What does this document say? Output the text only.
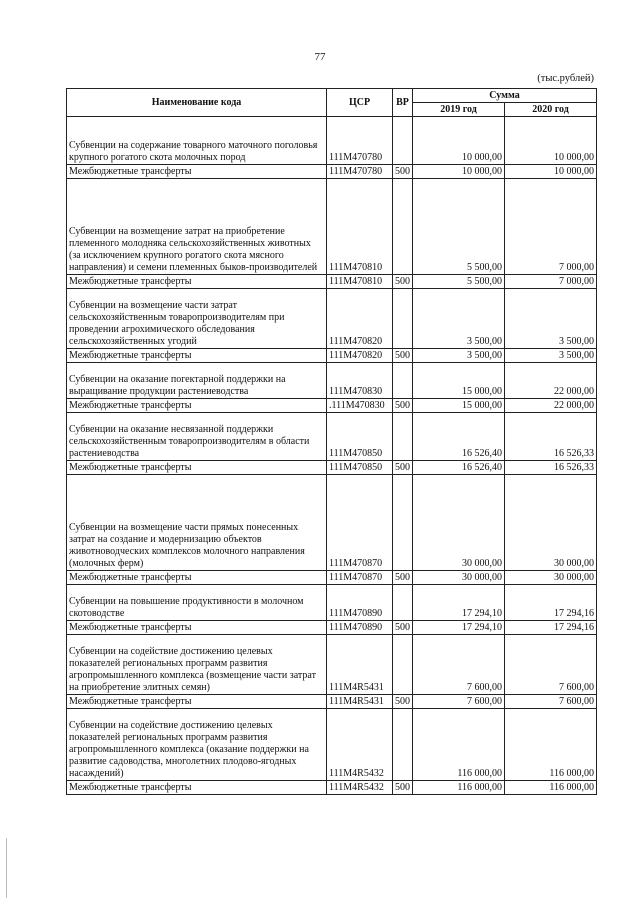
77
(тыс.рублей)
Наименование кода	ЦСР	ВР	Сумма	
			2019 год	2020 год
Субвенции на содержание товарного маточного поголовья крупного рогатого скота молочных пород	111М470780		10 000,00	10 000,00
Межбюджетные трансферты	111М470780	500	10 000,00	10 000,00
Субвенции на возмещение затрат на приобретение племенного молодняка сельскохозяйственных животных (за исключением крупного рогатого скота мясного направления) и семени племенных быков-производителей	111М470810		5 500,00	7 000,00
Межбюджетные трансферты	111М470810	500	5 500,00	7 000,00
Субвенции на возмещение части затрат сельскохозяйственным товаропроизводителям при проведении агрохимического обследования сельскохозяйственных угодий	111М470820		3 500,00	3 500,00
Межбюджетные трансферты	111М470820	500	3 500,00	3 500,00
Субвенции на оказание погектарной поддержки на выращивание продукции растениеводства	111М470830		15 000,00	22 000,00
Межбюджетные трансферты	.111М470830	500	15 000,00	22 000,00
Субвенции на оказание несвязанной поддержки сельскохозяйственным товаропроизводителям в области растениеводства	111М470850		16 526,40	16 526,33
Межбюджетные трансферты	111М470850	500	16 526,40	16 526,33
Субвенции на возмещение части прямых понесенных затрат на создание и модернизацию объектов животноводческих комплексов молочного направления (молочных ферм)	111М470870		30 000,00	30 000,00
Межбюджетные трансферты	111М470870	500	30 000,00	30 000,00
Субвенции на повышение продуктивности в молочном скотоводстве	111М470890		17 294,10	17 294,16
Межбюджетные трансферты	111М470890	500	17 294,10	17 294,16
Субвенции на содействие достижению целевых показателей региональных программ развития агропромышленного комплекса (возмещение части затрат на приобретение элитных семян)	111М4R5431		7 600,00	7 600,00
Межбюджетные трансферты	111М4R5431	500	7 600,00	7 600,00
Субвенции на содействие достижению целевых показателей региональных программ развития агропромышленного комплекса (оказание поддержки на развитие садоводства, многолетних плодово-ягодных насаждений)	111М4R5432		116 000,00	116 000,00
Межбюджетные трансферты	111М4R5432	500	116 000,00	116 000,00
